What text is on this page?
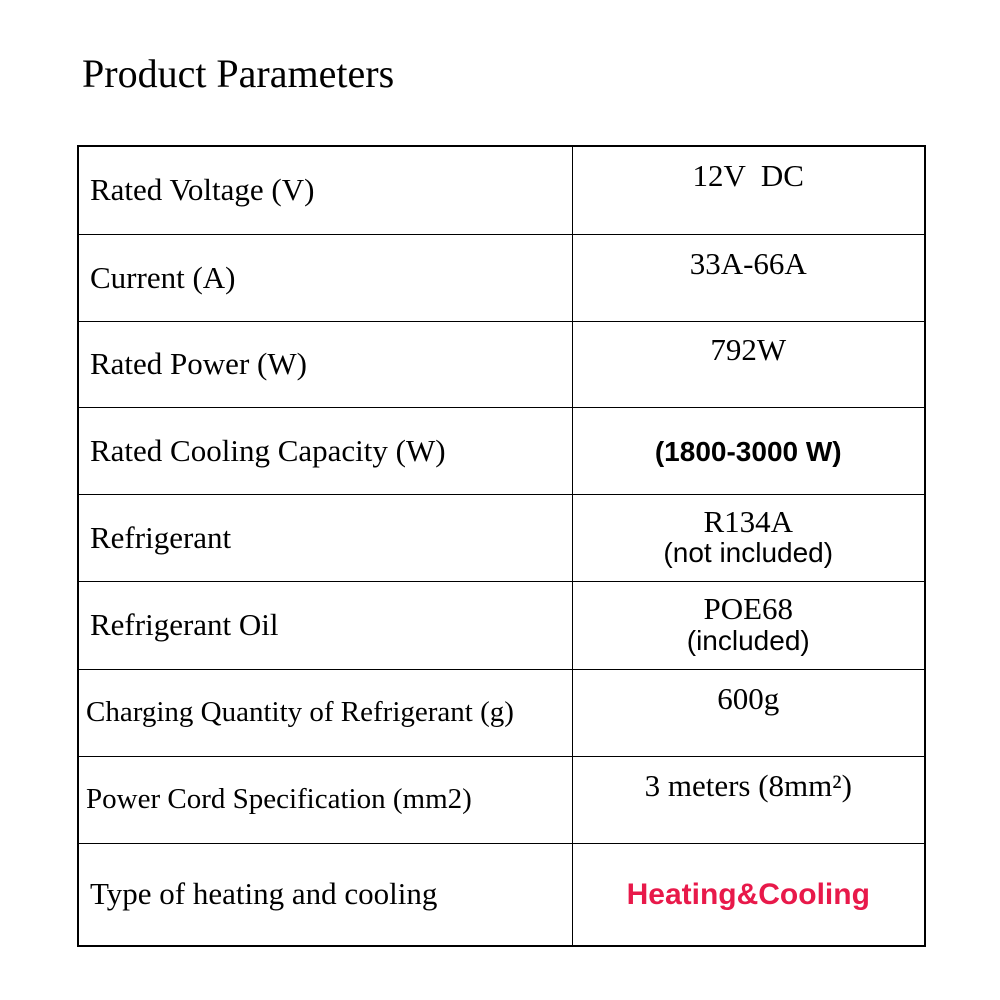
Product Parameters
Rated Voltage (V)	12V  DC
Current (A)	33A-66A
Rated Power (W)	792W
Rated Cooling Capacity (W)	(1800-3000 W)
Refrigerant	R134A
(not included)

Refrigerant Oil	POE68
(included)

Charging Quantity of Refrigerant (g)	600g
Power Cord Specification (mm2)	3 meters (8mm²)
Type of heating and cooling	Heating&Cooling
